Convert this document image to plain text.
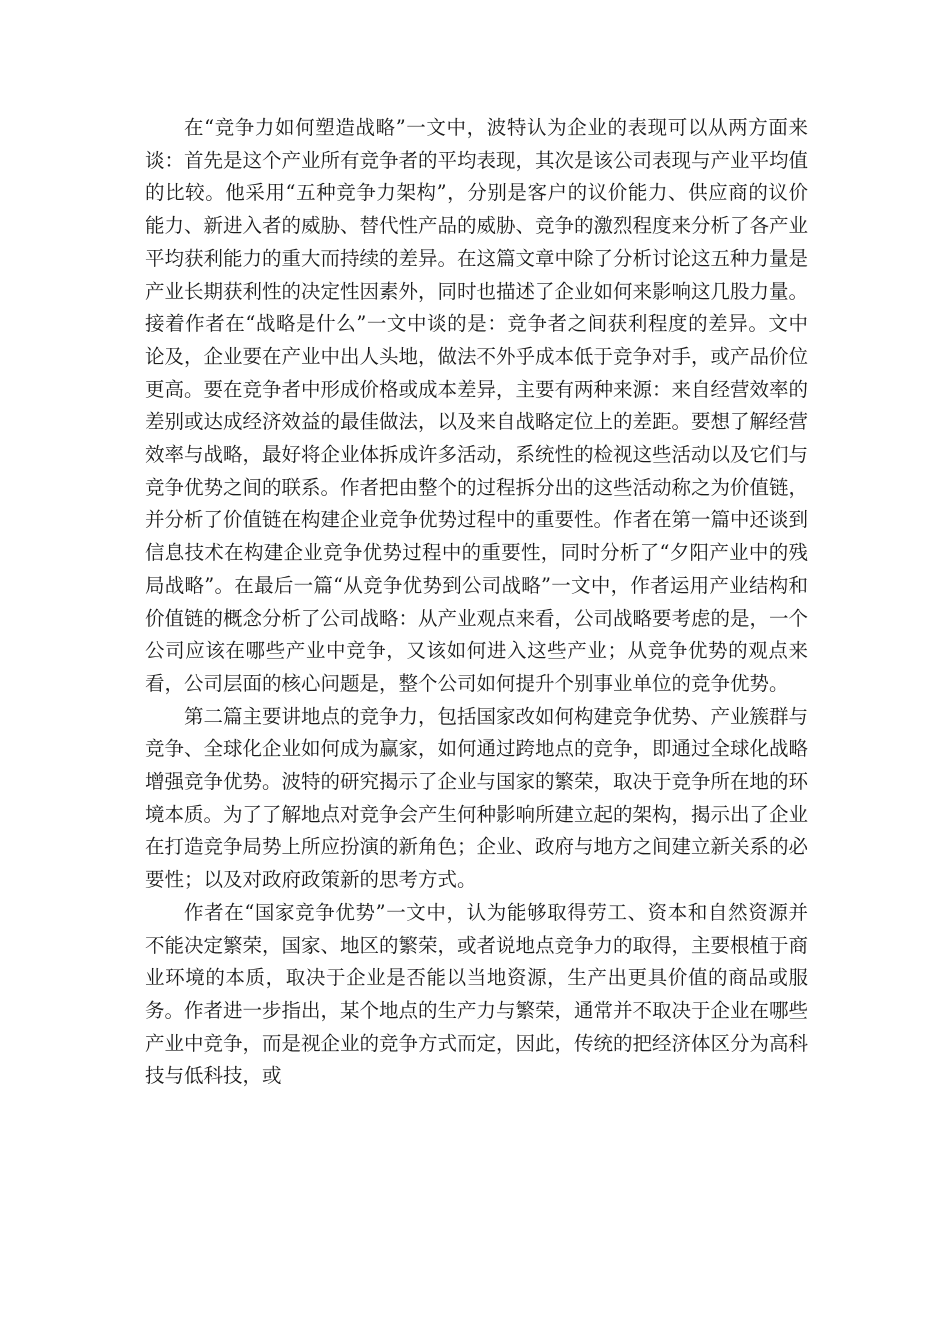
在“竞争力如何塑造战略”一文中，波特认为企业的表现可以从两方面来谈：首先是这个产业所有竞争者的平均表现，其次是该公司表现与产业平均值的比较。他采用“五种竞争力架构”，分别是客户的议价能力、供应商的议价能力、新进入者的威胁、替代性产品的威胁、竞争的激烈程度来分析了各产业平均获利能力的重大而持续的差异。在这篇文章中除了分析讨论这五种力量是产业长期获利性的决定性因素外，同时也描述了企业如何来影响这几股力量。接着作者在“战略是什么”一文中谈的是：竞争者之间获利程度的差异。文中论及，企业要在产业中出人头地，做法不外乎成本低于竞争对手，或产品价位更高。要在竞争者中形成价格或成本差异，主要有两种来源：来自经营效率的差别或达成经济效益的最佳做法，以及来自战略定位上的差距。要想了解经营效率与战略，最好将企业体拆成许多活动，系统性的检视这些活动以及它们与竞争优势之间的联系。作者把由整个的过程拆分出的这些活动称之为价值链，并分析了价值链在构建企业竞争优势过程中的重要性。作者在第一篇中还谈到信息技术在构建企业竞争优势过程中的重要性，同时分析了“夕阳产业中的残局战略”。在最后一篇“从竞争优势到公司战略”一文中，作者运用产业结构和价值链的概念分析了公司战略：从产业观点来看，公司战略要考虑的是，一个公司应该在哪些产业中竞争，又该如何进入这些产业；从竞争优势的观点来看，公司层面的核心问题是，整个公司如何提升个别事业单位的竞争优势。

第二篇主要讲地点的竞争力，包括国家改如何构建竞争优势、产业簇群与竞争、全球化企业如何成为赢家，如何通过跨地点的竞争，即通过全球化战略增强竞争优势。波特的研究揭示了企业与国家的繁荣，取决于竞争所在地的环境本质。为了了解地点对竞争会产生何种影响所建立起的架构，揭示出了企业在打造竞争局势上所应扮演的新角色；企业、政府与地方之间建立新关系的必要性；以及对政府政策新的思考方式。

作者在“国家竞争优势”一文中，认为能够取得劳工、资本和自然资源并不能决定繁荣，国家、地区的繁荣，或者说地点竞争力的取得，主要根植于商业环境的本质，取决于企业是否能以当地资源，生产出更具价值的商品或服务。作者进一步指出，某个地点的生产力与繁荣，通常并不取决于企业在哪些产业中竞争，而是视企业的竞争方式而定，因此，传统的把经济体区分为高科技与低科技，或
